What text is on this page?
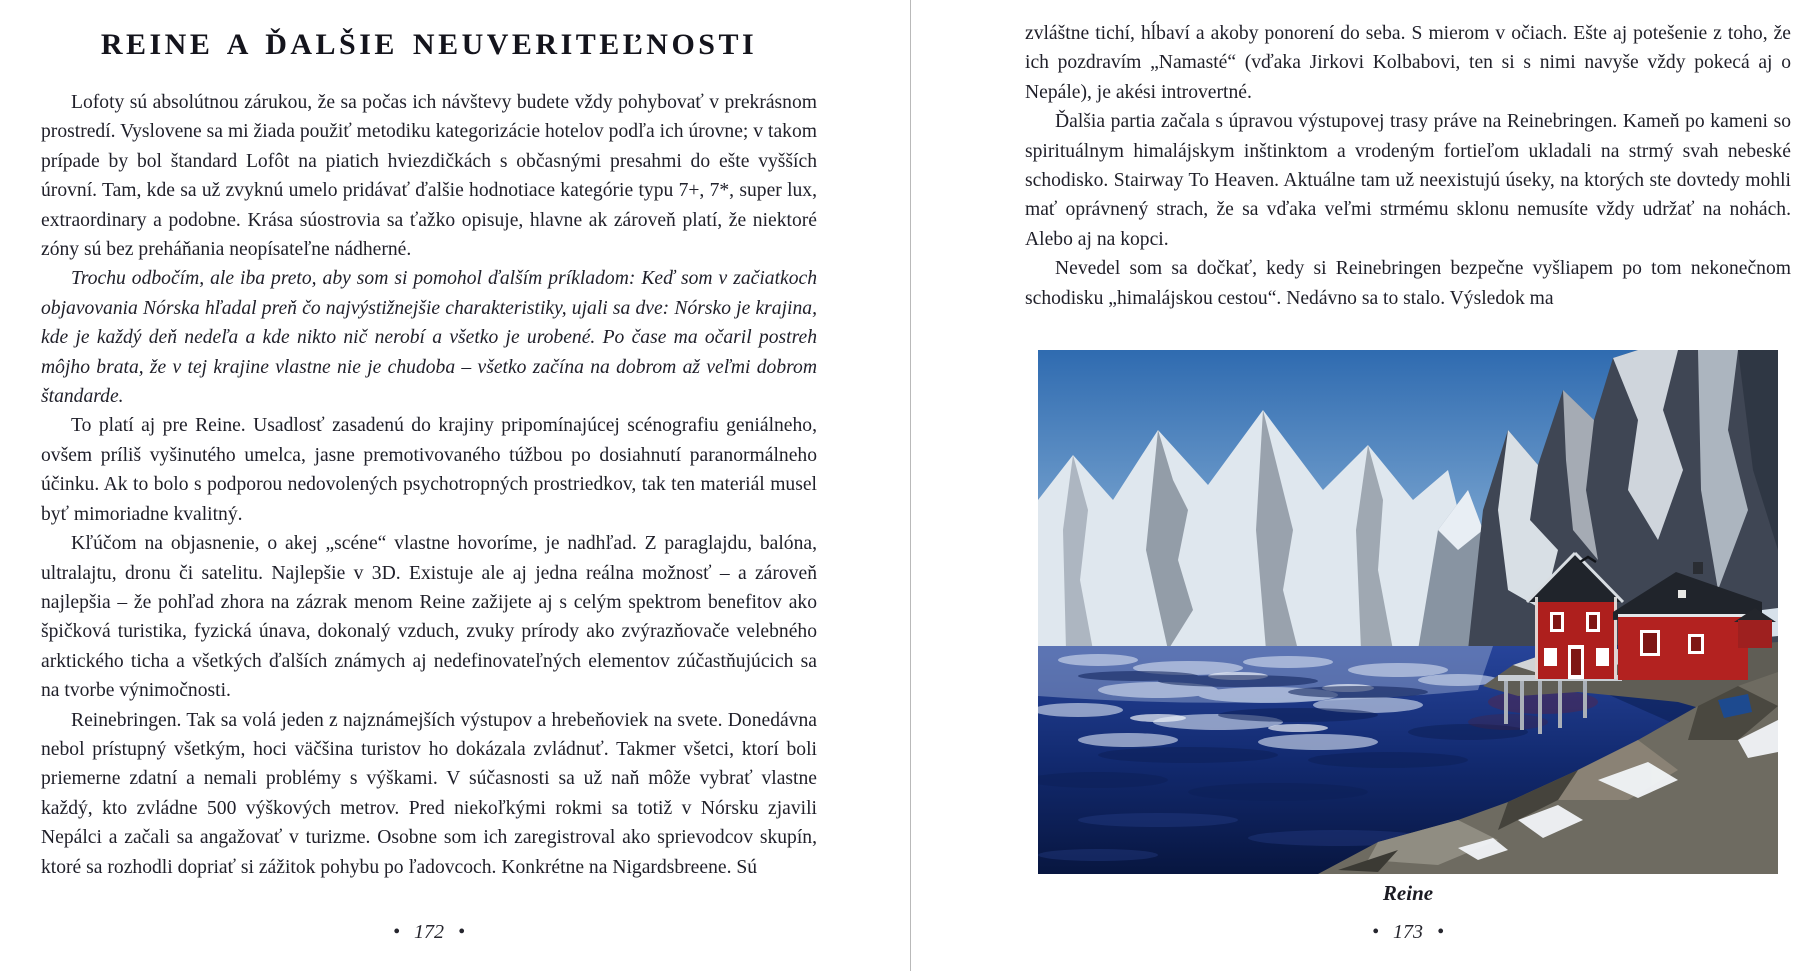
REINE A ĎALŠIE NEUVERITEĽNOSTI

Lofoty sú absolútnou zárukou, že sa počas ich návštevy budete vždy pohybovať v prekrásnom prostredí. Vyslovene sa mi žiada použiť metodiku kategorizácie hotelov podľa ich úrovne; v takom prípade by bol štandard Lofôt na piatich hviezdičkách s občasnými presahmi do ešte vyšších úrovní. Tam, kde sa už zvyknú umelo pridávať ďalšie hodnotiace kategórie typu 7+, 7*, super lux, extraordinary a podobne. Krása súostrovia sa ťažko opisuje, hlavne ak zároveň platí, že niektoré zóny sú bez preháňania neopísateľne nádherné.

Trochu odbočím, ale iba preto, aby som si pomohol ďalším príkladom: Keď som v začiatkoch objavovania Nórska hľadal preň čo najvýstižnejšie charakteristiky, ujali sa dve: Nórsko je krajina, kde je každý deň nedeľa a kde nikto nič nerobí a všetko je urobené. Po čase ma očaril postreh môjho brata, že v tej krajine vlastne nie je chudoba – všetko začína na dobrom až veľmi dobrom štandarde.

To platí aj pre Reine. Usadlosť zasadenú do krajiny pripomínajúcej scénografiu geniálneho, ovšem príliš vyšinutého umelca, jasne premotivovaného túžbou po dosiahnutí paranormálneho účinku. Ak to bolo s podporou nedovolených psychotropných prostriedkov, tak ten materiál musel byť mimoriadne kvalitný.

Kľúčom na objasnenie, o akej „scéne“ vlastne hovoríme, je nadhľad. Z paraglajdu, balóna, ultralajtu, dronu či satelitu. Najlepšie v 3D. Existuje ale aj jedna reálna možnosť – a zároveň najlepšia – že pohľad zhora na zázrak menom Reine zažijete aj s celým spektrom benefitov ako špičková turistika, fyzická únava, dokonalý vzduch, zvuky prírody ako zvýrazňovače velebného arktického ticha a všetkých ďalších známych aj nedefinovateľných elementov zúčastňujúcich sa na tvorbe výnimočnosti.

Reinebringen. Tak sa volá jeden z najznámejších výstupov a hrebeňoviek na svete. Donedávna nebol prístupný všetkým, hoci väčšina turistov ho dokázala zvládnuť. Takmer všetci, ktorí boli priemerne zdatní a nemali problémy s výškami. V súčasnosti sa už naň môže vybrať vlastne každý, kto zvládne 500 výškových metrov. Pred niekoľkými rokmi sa totiž v Nórsku zjavili Nepálci a začali sa angažovať v turizme. Osobne som ich zaregistroval ako sprievodcov skupín, ktoré sa rozhodli dopriať si zážitok pohybu po ľadovcoch. Konkrétne na Nigardsbreene. Sú

• 172 •

zvláštne tichí, hĺbaví a akoby ponorení do seba. S mierom v očiach. Ešte aj potešenie z toho, že ich pozdravím „Namasté“ (vďaka Jirkovi Kolbabovi, ten si s nimi navyše vždy pokecá aj o Nepále), je akési introvertné.

Ďalšia partia začala s úpravou výstupovej trasy práve na Reinebringen. Kameň po kameni so spirituálnym himalájskym inštinktom a vrodeným fortieľom ukladali na strmý svah nebeské schodisko. Stairway To Heaven. Aktuálne tam už neexistujú úseky, na ktorých ste dovtedy mohli mať oprávnený strach, že sa vďaka veľmi strmému sklonu nemusíte vždy udržať na nohách. Alebo aj na kopci.

Nevedel som sa dočkať, kedy si Reinebringen bezpečne vyšliapem po tom nekonečnom schodisku „himalájskou cestou“. Nedávno sa to stalo. Výsledok ma

Reine
• 173 •
